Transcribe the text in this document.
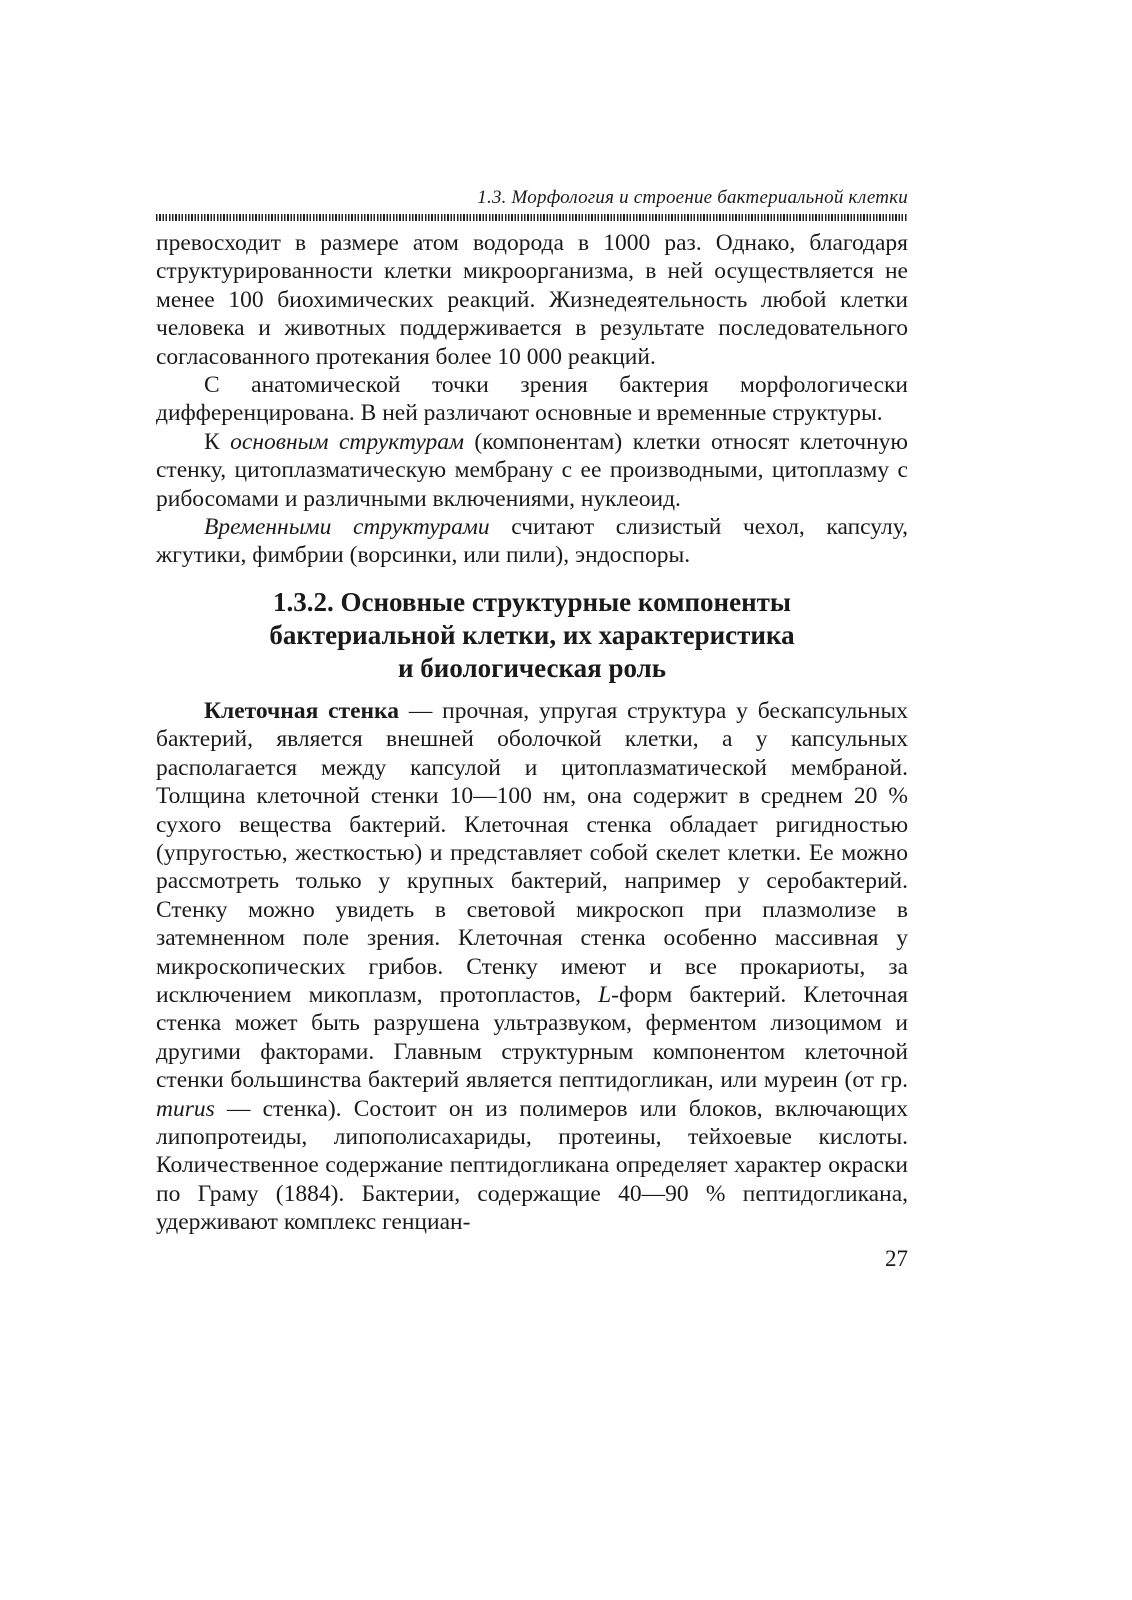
1.3. Морфология и строение бактериальной клетки

превосходит в размере атом водорода в 1000 раз. Однако, благодаря структурированности клетки микроорганизма, в ней осуществляется не менее 100 биохимических реакций. Жизнедеятельность любой клетки человека и животных поддерживается в результате последовательного согласованного протекания более 10 000 реакций.

С анатомической точки зрения бактерия морфологически дифференцирована. В ней различают основные и временные структуры.

К основным структурам (компонентам) клетки относят клеточную стенку, цитоплазматическую мембрану с ее производными, цитоплазму с рибосомами и различными включениями, нуклеоид.

Временными структурами считают слизистый чехол, капсулу, жгутики, фимбрии (ворсинки, или пили), эндоспоры.

1.3.2. Основные структурные компоненты
бактериальной клетки, их характеристика
и биологическая роль

Клеточная стенка — прочная, упругая структура у бескапсульных бактерий, является внешней оболочкой клетки, а у капсульных располагается между капсулой и цитоплазматической мембраной. Толщина клеточной стенки 10—100 нм, она содержит в среднем 20 % сухого вещества бактерий. Клеточная стенка обладает ригидностью (упругостью, жесткостью) и представляет собой скелет клетки. Ее можно рассмотреть только у крупных бактерий, например у серобактерий. Стенку можно увидеть в световой микроскоп при плазмолизе в затемненном поле зрения. Клеточная стенка особенно массивная у микроскопических грибов. Стенку имеют и все прокариоты, за исключением микоплазм, протопластов, L-форм бактерий. Клеточная стенка может быть разрушена ультразвуком, ферментом лизоцимом и другими факторами. Главным структурным компонентом клеточной стенки большинства бактерий является пептидогликан, или муреин (от гр. murus — стенка). Состоит он из полимеров или блоков, включающих липопротеиды, липополисахариды, протеины, тейхоевые кислоты. Количественное содержание пептидогликана определяет характер окраски по Граму (1884). Бактерии, содержащие 40—90 % пептидогликана, удерживают комплекс генциан-

27
